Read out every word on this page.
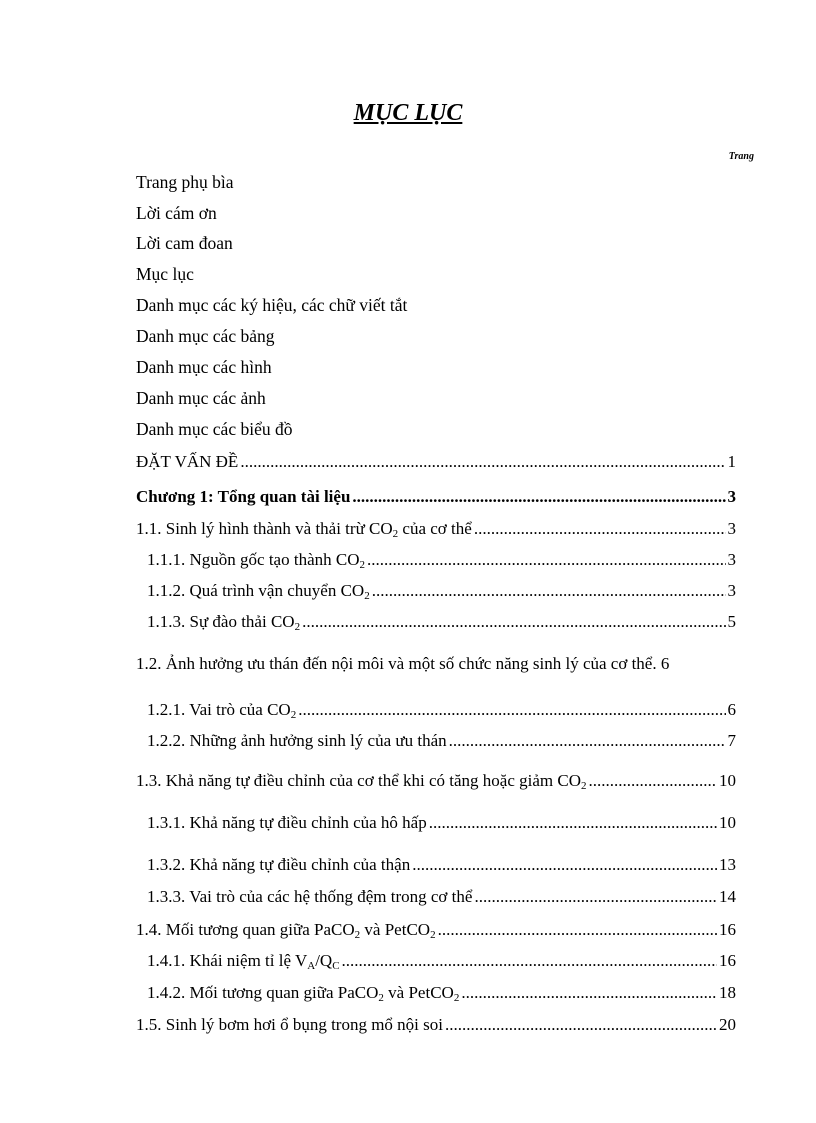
MỤC LỤC
Trang
Trang phụ bìa
Lời cám ơn
Lời cam đoan
Mục lục
Danh mục các ký hiệu, các chữ viết tắt
Danh mục các bảng
Danh mục các hình
Danh mục các ảnh
Danh mục các biểu đồ
ĐẶT VẤN ĐỀ .....	1
Chương 1: Tổng quan tài liệu .....	3
1.1. Sinh lý hình thành và thải trừ $CO_2$ của cơ thể .....	3
1.1.1. Nguồn gốc tạo thành $CO_2$ .....	3
1.1.2. Quá trình vận chuyển $CO_2$ .....	3
1.1.3. Sự đào thải $CO_2$ .....	5
1.2. Ảnh hưởng ưu thán đến nội môi và một số chức năng sinh lý của cơ thể . 6
1.2.1. Vai trò của $CO_2$ .....	6
1.2.2. Những ảnh hưởng sinh lý của ưu thán .....	7
1.3. Khả năng tự điều chỉnh của cơ thể khi có tăng hoặc giảm $CO_2$ .....	10
1.3.1. Khả năng tự điều chỉnh của hô hấp .....	10
1.3.2. Khả năng tự điều chỉnh của thận .....	13
1.3.3. Vai trò của các hệ thống đệm trong cơ thể .....	14
1.4. Mối tương quan giữa PaCO$_2$ và PetCO$_2$ .....	16
1.4.1. Khái niệm tỉ lệ $V_A/Q_C$ .....	16
1.4.2. Mối tương quan giữa PaCO$_2$ và PetCO$_2$ .....	18
1.5. Sinh lý bơm hơi ổ bụng trong mổ nội soi .....	20
